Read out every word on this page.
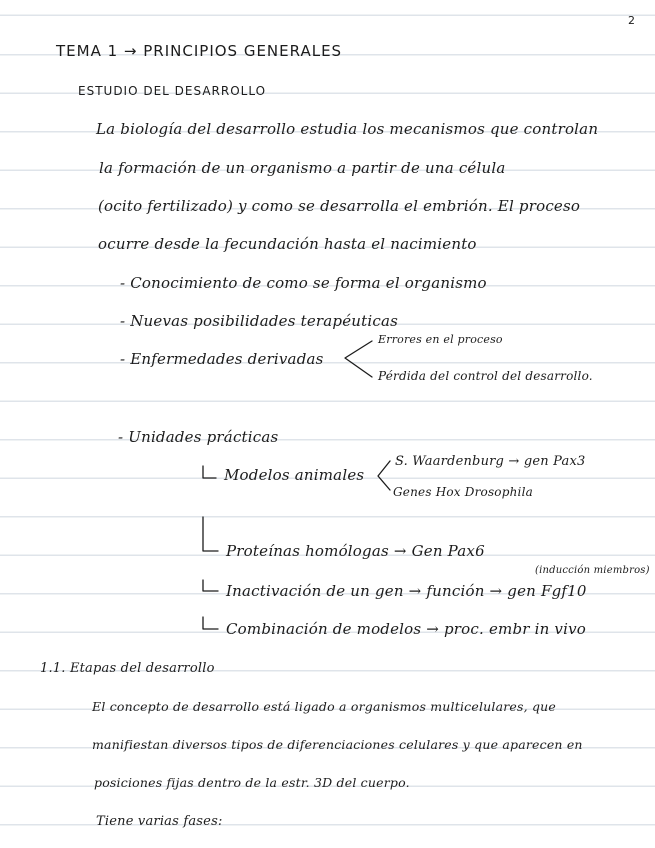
2
TEMA 1 → PRINCIPIOS GENERALES
ESTUDIO DEL DESARROLLO
La biología del desarrollo estudia los mecanismos que controlan
la formación de un organismo a partir de una célula
(ocito fertilizado) y como se desarrolla el embrión. El proceso
ocurre desde la fecundación hasta el nacimiento
- Conocimiento de como se forma el organismo
- Nuevas posibilidades terapéuticas
- Enfermedades derivadas
Errores en el proceso
Pérdida del control del desarrollo.
- Unidades prácticas
Modelos animales
S. Waardenburg → gen Pax3
Genes Hox Drosophila
Proteínas homólogas → Gen Pax6
Inactivación de un gen → función → gen Fgf10
(inducción miembros)
Combinación de modelos → proc. embr in vivo
1.1. Etapas del desarrollo
El concepto de desarrollo está ligado a organismos multicelulares, que
manifiestan diversos tipos de diferenciaciones celulares y que aparecen en
posiciones fijas dentro de la estr. 3D del cuerpo.
Tiene varias fases:
